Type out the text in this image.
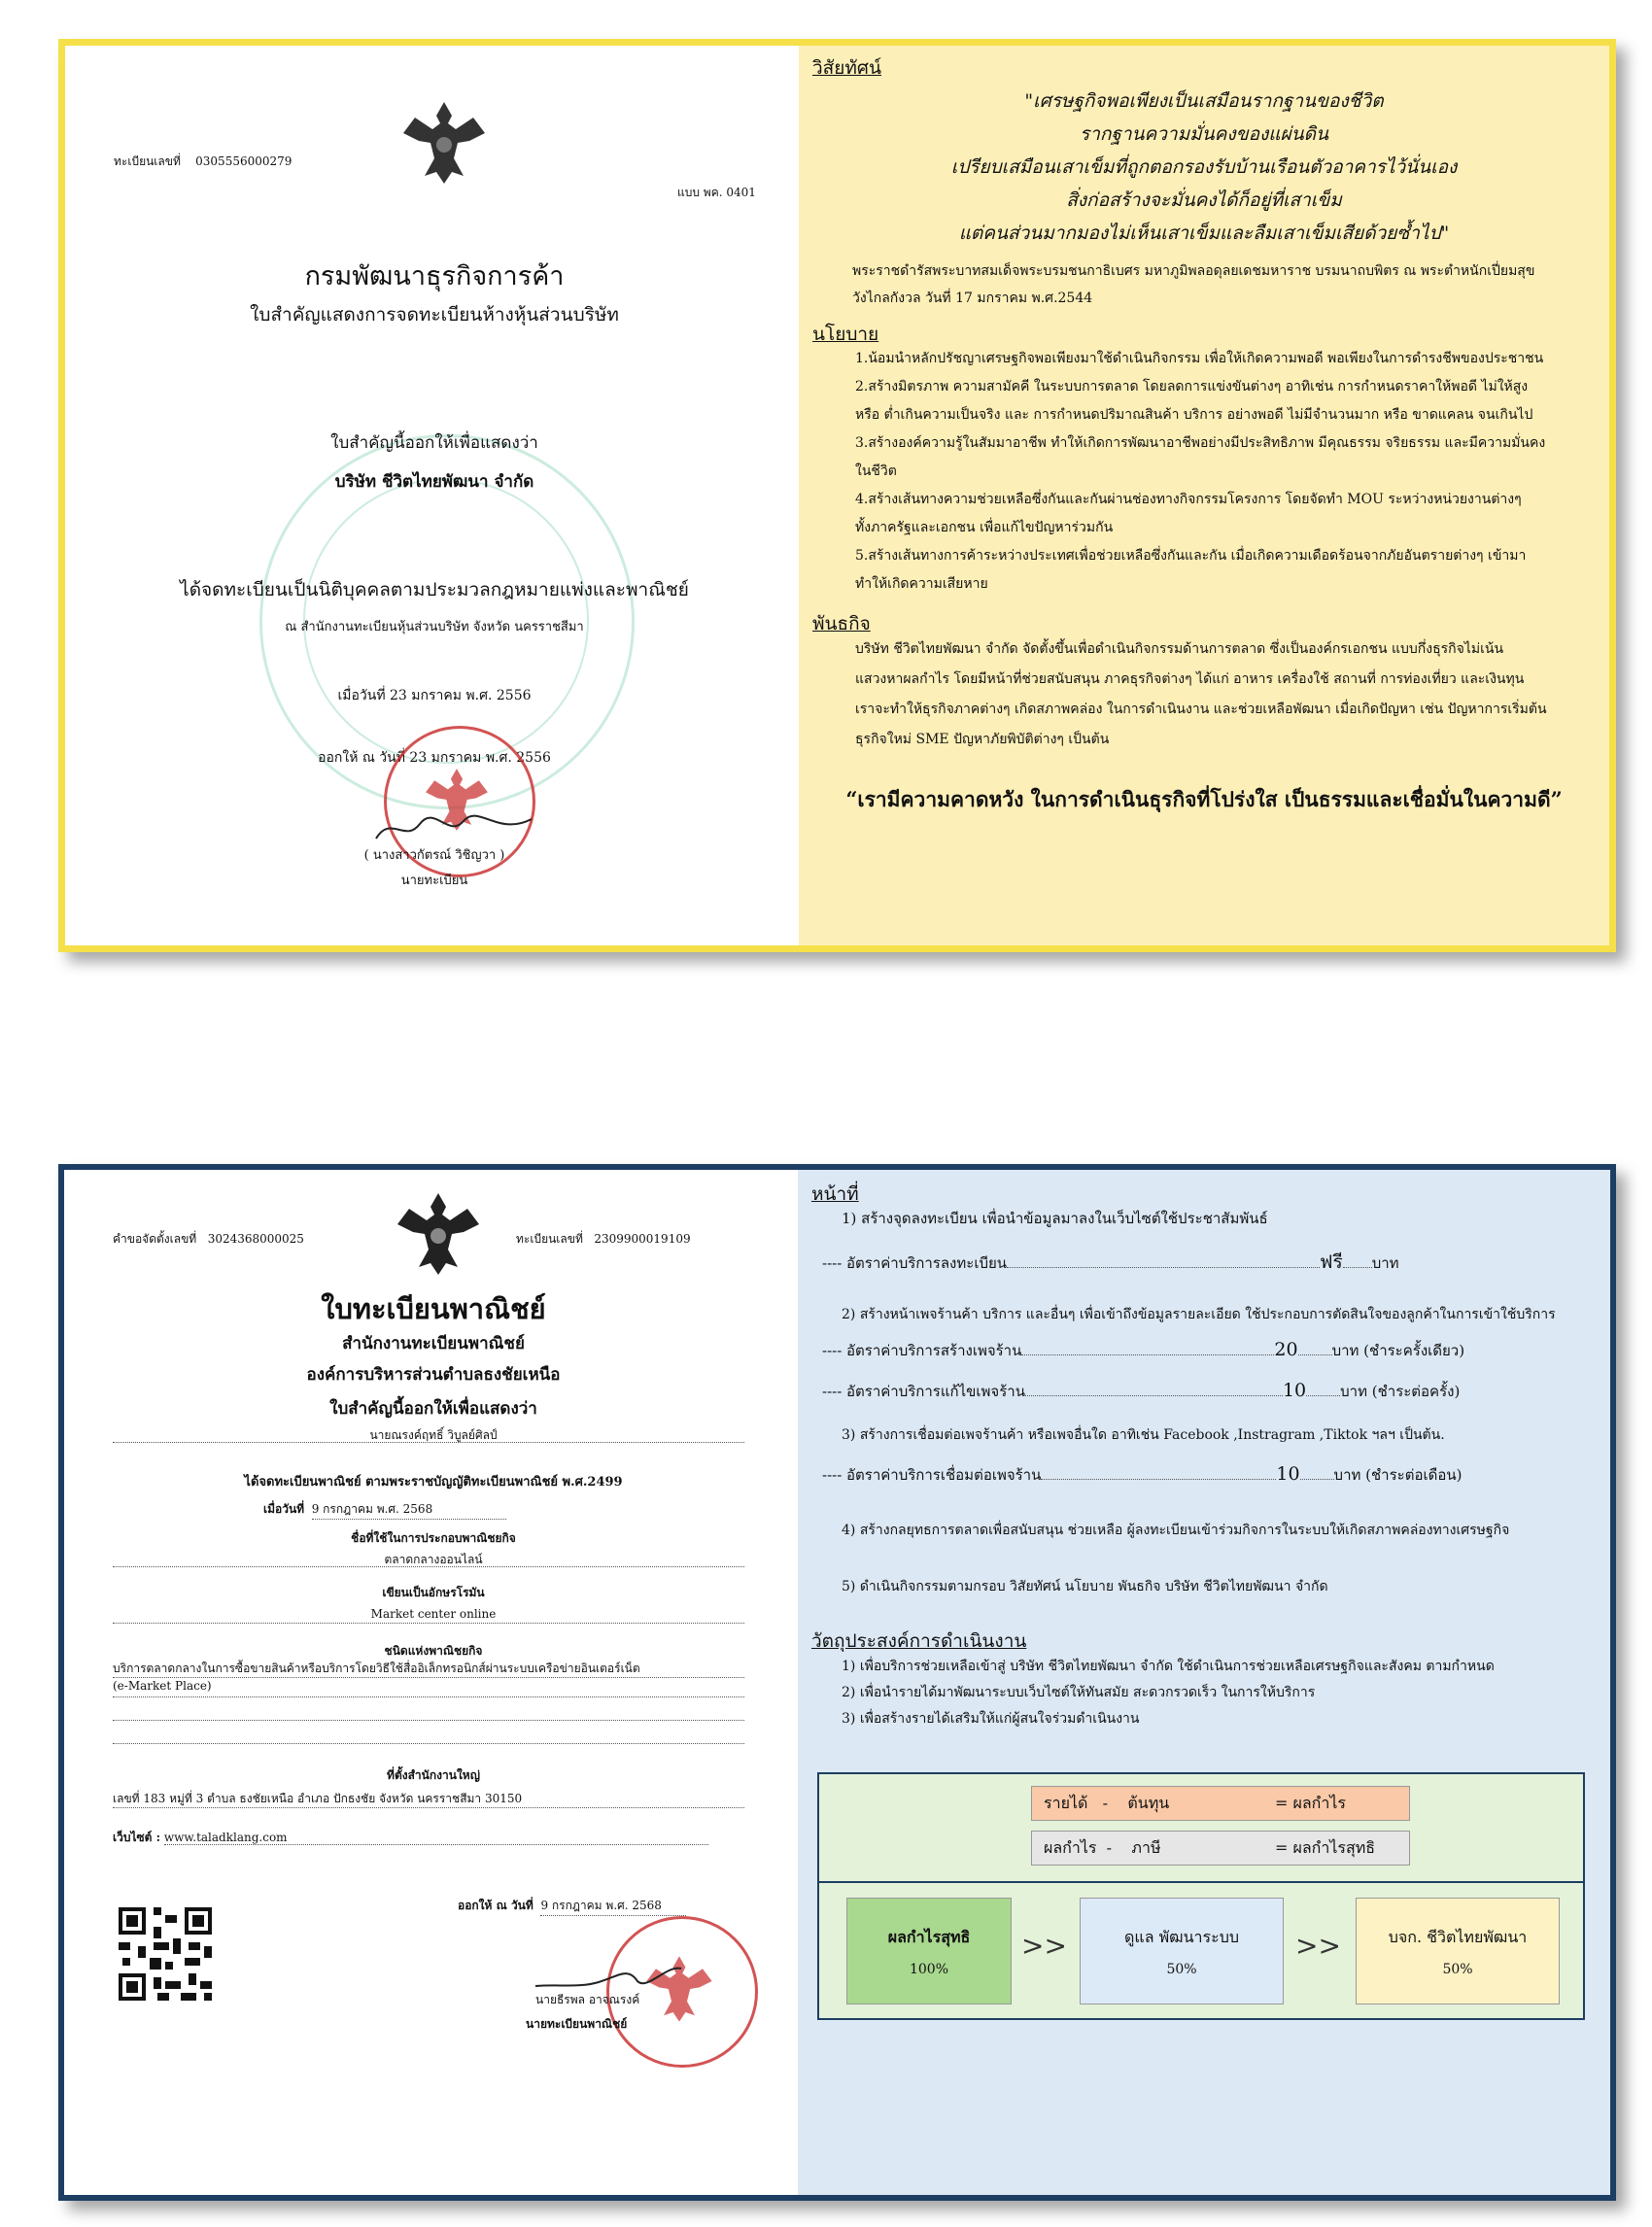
ทะเบียนเลขที่ 0305556000279
แบบ พค. 0401
กรมพัฒนาธุรกิจการค้า
ใบสำคัญแสดงการจดทะเบียนห้างหุ้นส่วนบริษัท
ใบสำคัญนี้ออกให้เพื่อแสดงว่า
บริษัท ชีวิตไทยพัฒนา จำกัด
ได้จดทะเบียนเป็นนิติบุคคลตามประมวลกฎหมายแพ่งและพาณิชย์
ณ สำนักงานทะเบียนหุ้นส่วนบริษัท จังหวัด นครราชสีมา
เมื่อวันที่ 23 มกราคม พ.ศ. 2556
ออกให้ ณ วันที่ 23 มกราคม พ.ศ. 2556
( นางสาวกัตรณ์ วิชิญวา )
นายทะเบียน
วิสัยทัศน์
"เศรษฐกิจพอเพียงเป็นเสมือนรากฐานของชีวิต
รากฐานความมั่นคงของแผ่นดิน
เปรียบเสมือนเสาเข็มที่ถูกตอกรองรับบ้านเรือนตัวอาคารไว้นั่นเอง
สิ่งก่อสร้างจะมั่นคงได้ก็อยู่ที่เสาเข็ม
แต่คนส่วนมากมองไม่เห็นเสาเข็มและลืมเสาเข็มเสียด้วยซ้ำไป"
พระราชดำรัสพระบาทสมเด็จพระบรมชนกาธิเบศร มหาภูมิพลอดุลยเดชมหาราช บรมนาถบพิตร ณ พระตำหนักเปี่ยมสุข
วังไกลกังวล วันที่ 17 มกราคม พ.ศ.2544
นโยบาย
1.น้อมนำหลักปรัชญาเศรษฐกิจพอเพียงมาใช้ดำเนินกิจกรรม เพื่อให้เกิดความพอดี พอเพียงในการดำรงชีพของประชาชน
2.สร้างมิตรภาพ ความสามัคคี ในระบบการตลาด โดยลดการแข่งขันต่างๆ อาทิเช่น การกำหนดราคาให้พอดี ไม่ให้สูง
หรือ ต่ำเกินความเป็นจริง และ การกำหนดปริมาณสินค้า บริการ อย่างพอดี ไม่มีจำนวนมาก หรือ ขาดแคลน จนเกินไป
3.สร้างองค์ความรู้ในสัมมาอาชีพ ทำให้เกิดการพัฒนาอาชีพอย่างมีประสิทธิภาพ มีคุณธรรม จริยธรรม และมีความมั่นคง
ในชีวิต
4.สร้างเส้นทางความช่วยเหลือซึ่งกันและกันผ่านช่องทางกิจกรรมโครงการ โดยจัดทำ MOU ระหว่างหน่วยงานต่างๆ
ทั้งภาครัฐและเอกชน เพื่อแก้ไขปัญหาร่วมกัน
5.สร้างเส้นทางการค้าระหว่างประเทศเพื่อช่วยเหลือซึ่งกันและกัน เมื่อเกิดความเดือดร้อนจากภัยอันตรายต่างๆ เข้ามา
ทำให้เกิดความเสียหาย
พันธกิจ
บริษัท ชีวิตไทยพัฒนา จำกัด จัดตั้งขึ้นเพื่อดำเนินกิจกรรมด้านการตลาด ซึ่งเป็นองค์กรเอกชน แบบกึ่งธุรกิจไม่เน้น
แสวงหาผลกำไร โดยมีหน้าที่ช่วยสนับสนุน ภาคธุรกิจต่างๆ ได้แก่ อาหาร เครื่องใช้ สถานที่ การท่องเที่ยว และเงินทุน
เราจะทำให้ธุรกิจภาคต่างๆ เกิดสภาพคล่อง ในการดำเนินงาน และช่วยเหลือพัฒนา เมื่อเกิดปัญหา เช่น ปัญหาการเริ่มต้น
ธุรกิจใหม่ SME ปัญหาภัยพิบัติต่างๆ เป็นต้น
“เรามีความคาดหวัง ในการดำเนินธุรกิจที่โปร่งใส เป็นธรรมและเชื่อมั่นในความดี”
คำขอจัดตั้งเลขที่ 3024368000025	ทะเบียนเลขที่ 2309900019109
ใบทะเบียนพาณิชย์
สำนักงานทะเบียนพาณิชย์
องค์การบริหารส่วนตำบลธงชัยเหนือ
ใบสำคัญนี้ออกให้เพื่อแสดงว่า
นายณรงค์ฤทธิ์ วิบูลย์ศิลป์
ได้จดทะเบียนพาณิชย์ ตามพระราชบัญญัติทะเบียนพาณิชย์ พ.ศ.2499
เมื่อวันที่ 9 กรกฎาคม พ.ศ. 2568
ชื่อที่ใช้ในการประกอบพาณิชยกิจ
ตลาดกลางออนไลน์
เขียนเป็นอักษรโรมัน
Market center online
ชนิดแห่งพาณิชยกิจ
บริการตลาดกลางในการซื้อขายสินค้าหรือบริการโดยวิธีใช้สื่ออิเล็กทรอนิกส์ผ่านระบบเครือข่ายอินเตอร์เน็ต
(e-Market Place)
ที่ตั้งสำนักงานใหญ่
เลขที่ 183 หมู่ที่ 3 ตำบล ธงชัยเหนือ อำเภอ ปักธงชัย จังหวัด นครราชสีมา 30150
เว็บไซต์ : www.taladklang.com
ออกให้ ณ วันที่ 9 กรกฎาคม พ.ศ. 2568
นายธีรพล อาจณรงค์
นายทะเบียนพาณิชย์
หน้าที่
1) สร้างจุดลงทะเบียน เพื่อนำข้อมูลมาลงในเว็บไซต์ใช้ประชาสัมพันธ์
---- อัตราค่าบริการลงทะเบียน	ฟรี บาท
2) สร้างหน้าเพจร้านค้า บริการ และอื่นๆ เพื่อเข้าถึงข้อมูลรายละเอียด ใช้ประกอบการตัดสินใจของลูกค้าในการเข้าใช้บริการ
---- อัตราค่าบริการสร้างเพจร้าน	20 บาท (ชำระครั้งเดียว)
---- อัตราค่าบริการแก้ไขเพจร้าน	10 บาท (ชำระต่อครั้ง)
3) สร้างการเชื่อมต่อเพจร้านค้า หรือเพจอื่นใด อาทิเช่น Facebook ,Instragram ,Tiktok ฯลฯ เป็นต้น.
---- อัตราค่าบริการเชื่อมต่อเพจร้าน	10 บาท (ชำระต่อเดือน)
4) สร้างกลยุทธการตลาดเพื่อสนับสนุน ช่วยเหลือ ผู้ลงทะเบียนเข้าร่วมกิจการในระบบให้เกิดสภาพคล่องทางเศรษฐกิจ
5) ดำเนินกิจกรรมตามกรอบ วิสัยทัศน์ นโยบาย พันธกิจ บริษัท ชีวิตไทยพัฒนา จำกัด
วัตถุประสงค์การดำเนินงาน
1) เพื่อบริการช่วยเหลือเข้าสู่ บริษัท ชีวิตไทยพัฒนา จำกัด ใช้ดำเนินการช่วยเหลือเศรษฐกิจและสังคม ตามกำหนด
2) เพื่อนำรายได้มาพัฒนาระบบเว็บไซต์ให้ทันสมัย สะดวกรวดเร็ว ในการให้บริการ
3) เพื่อสร้างรายได้เสริมให้แก่ผู้สนใจร่วมดำเนินงาน
รายได้   -    ต้นทุน	= ผลกำไร
ผลกำไร  -    ภาษี	= ผลกำไรสุทธิ
ผลกำไรสุทธิ
100%
>>	ดูแล พัฒนาระบบ
50%
>>	บจก. ชีวิตไทยพัฒนา
50%
